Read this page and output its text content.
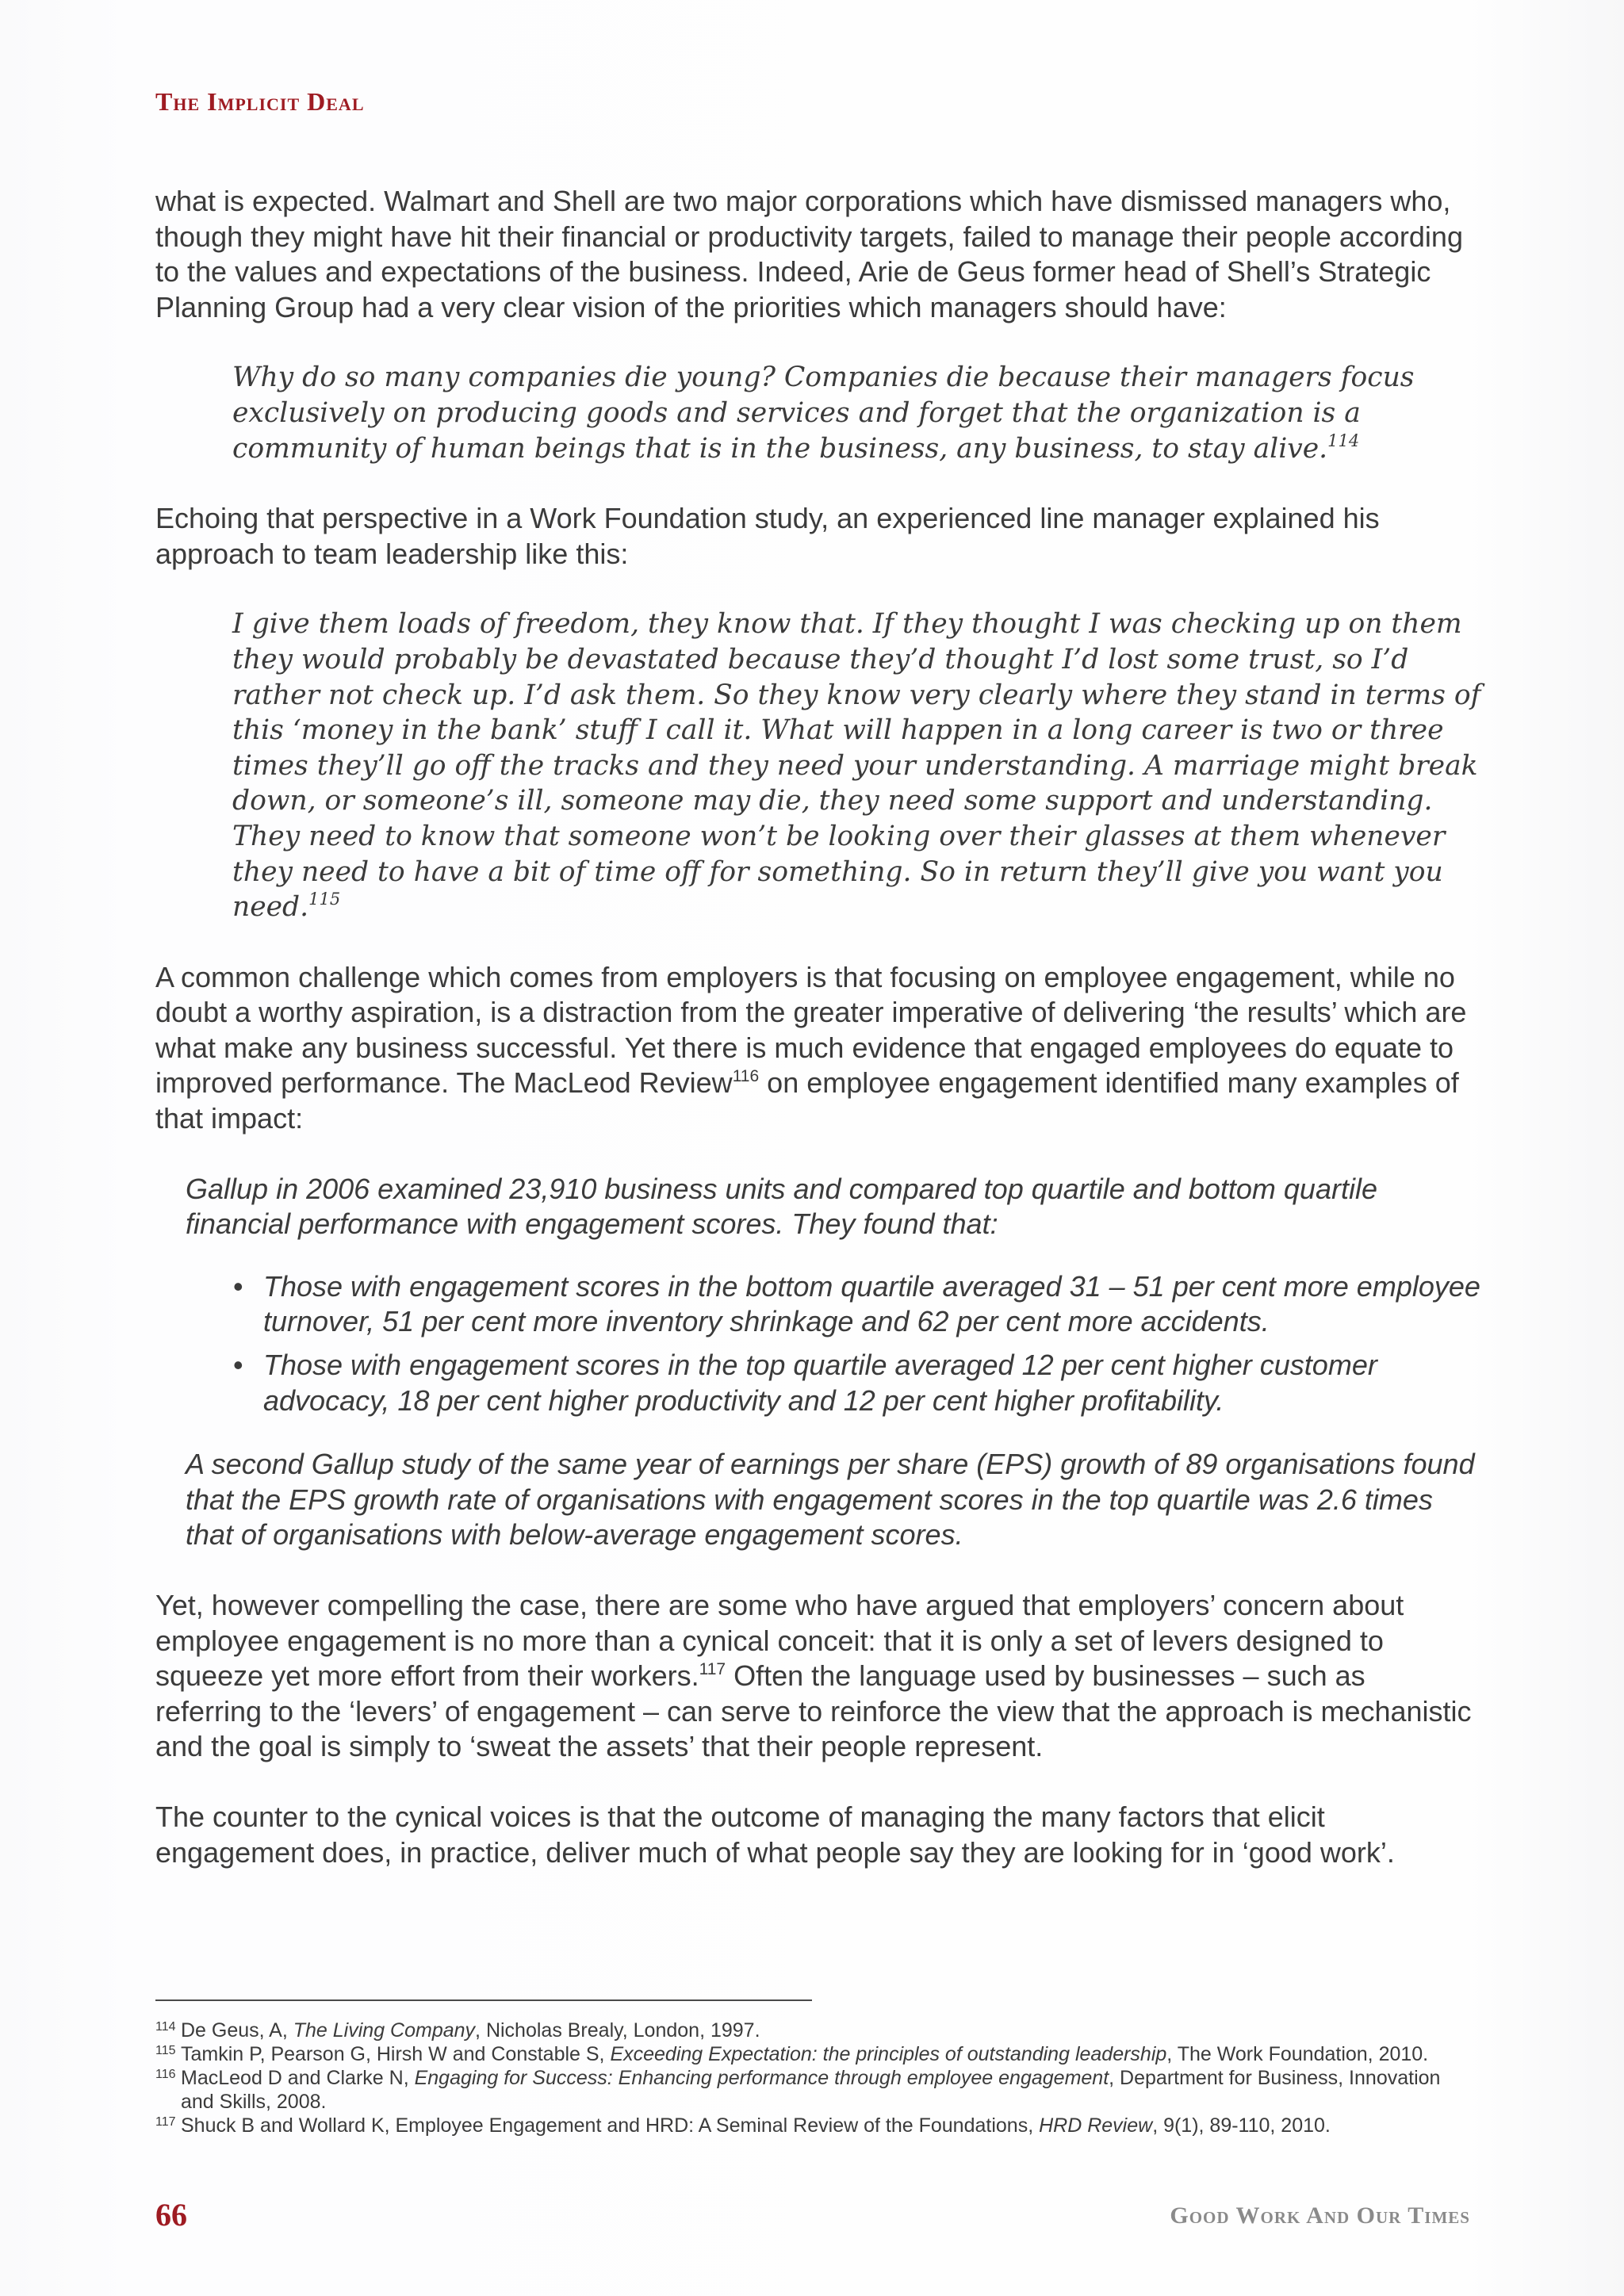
The Implicit Deal

what is expected. Walmart and Shell are two major corporations which have dismissed managers who, though they might have hit their financial or productivity targets, failed to manage their people according to the values and expectations of the business. Indeed, Arie de Geus former head of Shell’s Strategic Planning Group had a very clear vision of the priorities which managers should have:

Why do so many companies die young? Companies die because their managers focus exclusively on producing goods and services and forget that the organization is a community of human beings that is in the business, any business, to stay alive.$^{114}$

Echoing that perspective in a Work Foundation study, an experienced line manager explained his approach to team leadership like this:

I give them loads of freedom, they know that. If they thought I was checking up on them they would probably be devastated because they’d thought I’d lost some trust, so I’d rather not check up. I’d ask them. So they know very clearly where they stand in terms of this ‘money in the bank’ stuff I call it. What will happen in a long career is two or three times they’ll go off the tracks and they need your understanding. A marriage might break down, or someone’s ill, someone may die, they need some support and understanding. They need to know that someone won’t be looking over their glasses at them whenever they need to have a bit of time off for something. So in return they’ll give you want you need.$^{115}$

A common challenge which comes from employers is that focusing on employee engagement, while no doubt a worthy aspiration, is a distraction from the greater imperative of delivering ‘the results’ which are what make any business successful. Yet there is much evidence that engaged employees do equate to improved performance. The MacLeod Review$^{116}$ on employee engagement identified many examples of that impact:

Gallup in 2006 examined 23,910 business units and compared top quartile and bottom quartile financial performance with engagement scores. They found that:

• Those with engagement scores in the bottom quartile averaged 31 – 51 per cent more employee turnover, 51 per cent more inventory shrinkage and 62 per cent more accidents.
• Those with engagement scores in the top quartile averaged 12 per cent higher customer advocacy, 18 per cent higher productivity and 12 per cent higher profitability.

A second Gallup study of the same year of earnings per share (EPS) growth of 89 organisations found that the EPS growth rate of organisations with engagement scores in the top quartile was 2.6 times that of organisations with below-average engagement scores.

Yet, however compelling the case, there are some who have argued that employers’ concern about employee engagement is no more than a cynical conceit: that it is only a set of levers designed to squeeze yet more effort from their workers.$^{117}$ Often the language used by businesses – such as referring to the ‘levers’ of engagement – can serve to reinforce the view that the approach is mechanistic and the goal is simply to ‘sweat the assets’ that their people represent.

The counter to the cynical voices is that the outcome of managing the many factors that elicit engagement does, in practice, deliver much of what people say they are looking for in ‘good work’.

114 De Geus, A, The Living Company, Nicholas Brealy, London, 1997.
115 Tamkin P, Pearson G, Hirsh W and Constable S, Exceeding Expectation: the principles of outstanding leadership, The Work Foundation, 2010.
116 MacLeod D and Clarke N, Engaging for Success: Enhancing performance through employee engagement, Department for Business, Innovation and Skills, 2008.
117 Shuck B and Wollard K, Employee Engagement and HRD: A Seminal Review of the Foundations, HRD Review, 9(1), 89-110, 2010.
66	Good Work And Our Times
